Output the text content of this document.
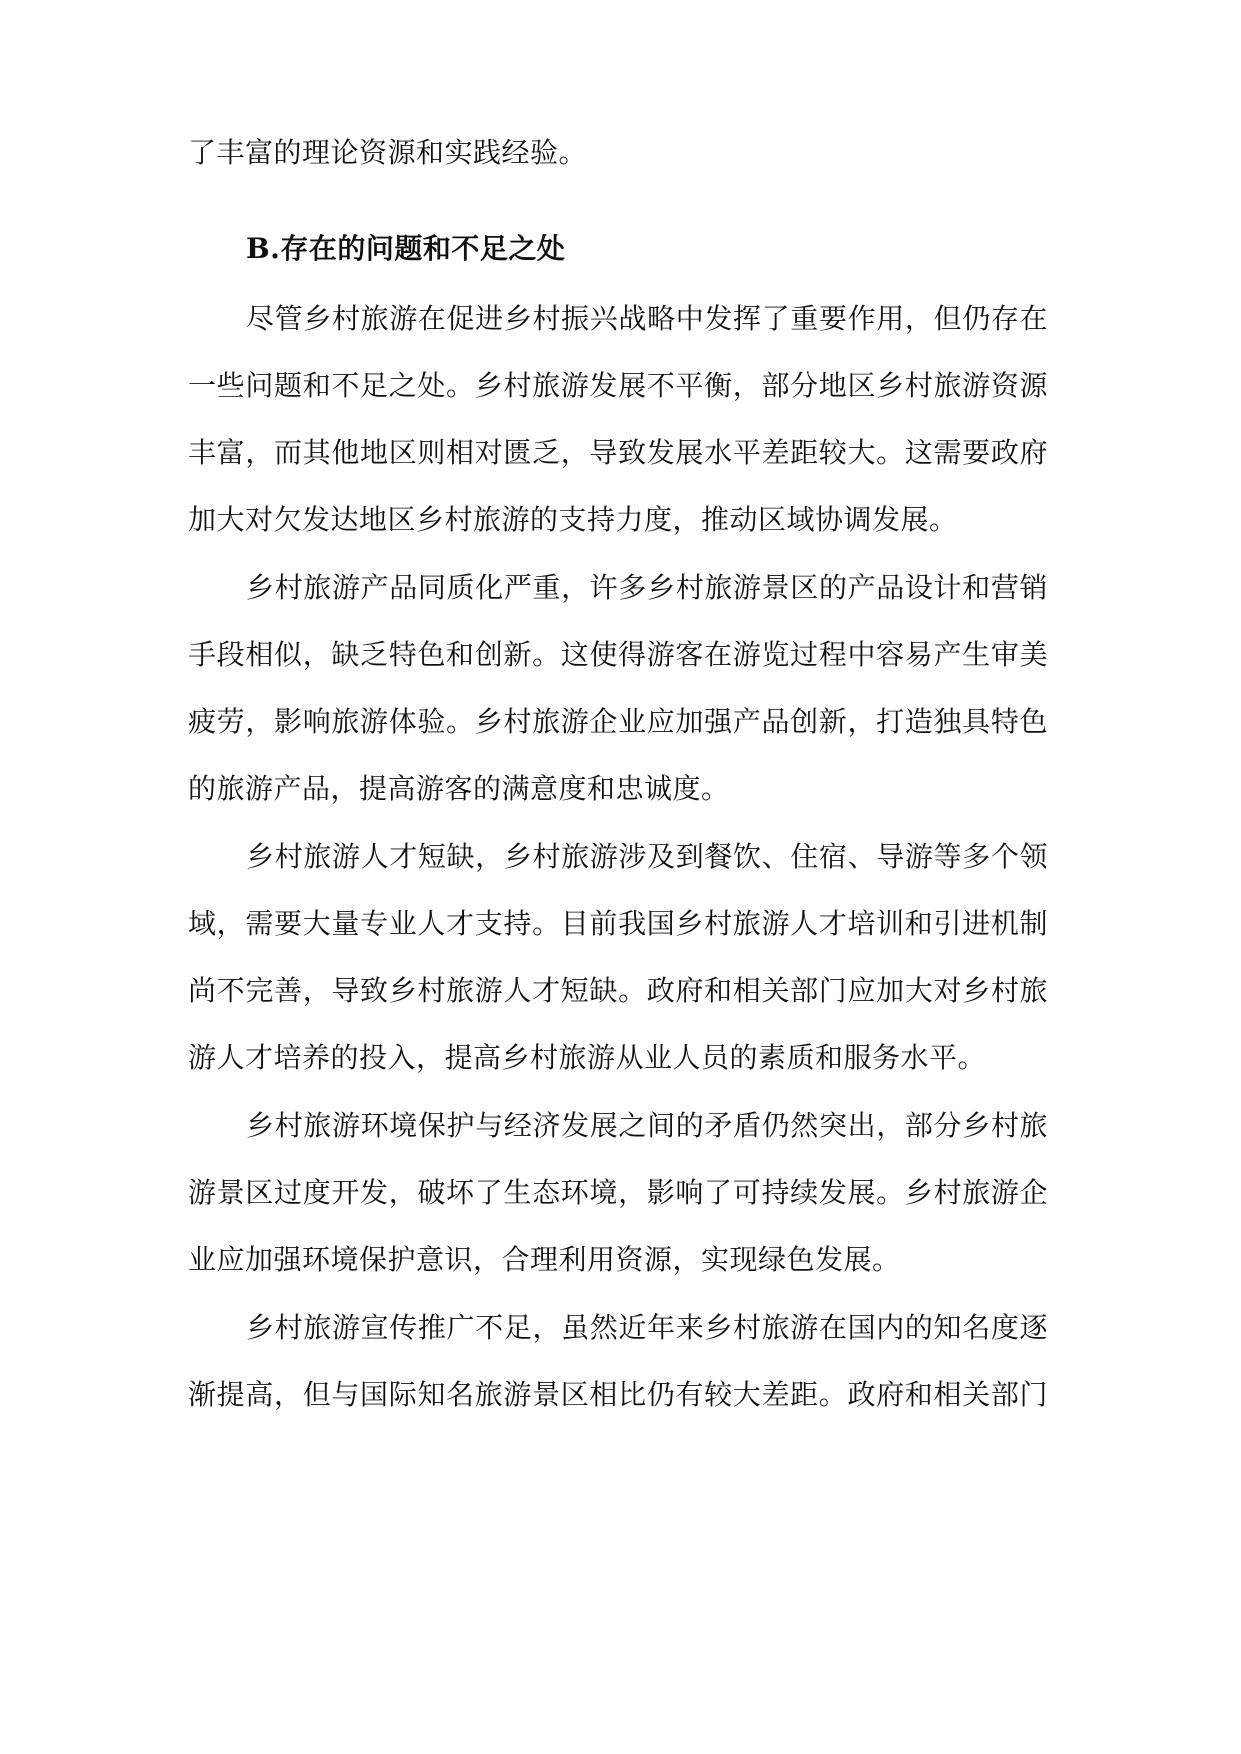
了丰富的理论资源和实践经验。
B.存在的问题和不足之处
尽管乡村旅游在促进乡村振兴战略中发挥了重要作用，但仍存在
一些问题和不足之处。乡村旅游发展不平衡，部分地区乡村旅游资源
丰富，而其他地区则相对匮乏，导致发展水平差距较大。这需要政府
加大对欠发达地区乡村旅游的支持力度，推动区域协调发展。
乡村旅游产品同质化严重，许多乡村旅游景区的产品设计和营销
手段相似，缺乏特色和创新。这使得游客在游览过程中容易产生审美
疲劳，影响旅游体验。乡村旅游企业应加强产品创新，打造独具特色
的旅游产品，提高游客的满意度和忠诚度。
乡村旅游人才短缺，乡村旅游涉及到餐饮、住宿、导游等多个领
域，需要大量专业人才支持。目前我国乡村旅游人才培训和引进机制
尚不完善，导致乡村旅游人才短缺。政府和相关部门应加大对乡村旅
游人才培养的投入，提高乡村旅游从业人员的素质和服务水平。
乡村旅游环境保护与经济发展之间的矛盾仍然突出，部分乡村旅
游景区过度开发，破坏了生态环境，影响了可持续发展。乡村旅游企
业应加强环境保护意识，合理利用资源，实现绿色发展。
乡村旅游宣传推广不足，虽然近年来乡村旅游在国内的知名度逐
渐提高，但与国际知名旅游景区相比仍有较大差距。政府和相关部门
